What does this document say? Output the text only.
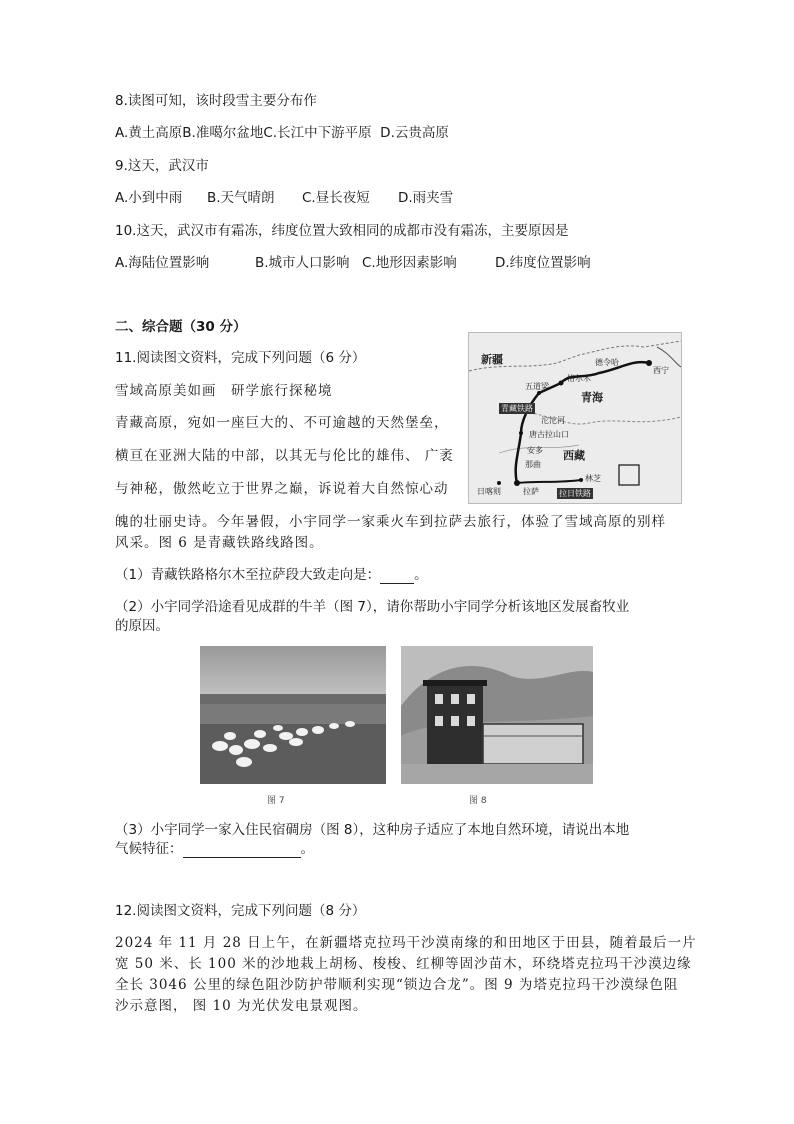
8.读图可知，该时段雪主要分布作
A.黄土高原B.准噶尔盆地C.长江中下游平原 D.云贵高原
9.这天，武汉市
A.小到中雨 B.天气晴朗 C.昼长夜短 D.雨夹雪
10.这天，武汉市有霜冻，纬度位置大致相同的成都市没有霜冻，主要原因是
A.海陆位置影响	B.城市人口影响 C.地形因素影响	D.纬度位置影响
二、综合题（30 分）
11.阅读图文资料，完成下列问题（6 分）
雪域高原美如画　研学旅行探秘境
青藏高原，宛如一座巨大的、不可逾越的天然堡垒，
横亘在亚洲大陆的中部，以其无与伦比的雄伟、 广袤
与神秘，傲然屹立于世界之巅，诉说着大自然惊心动
魄的壮丽史诗。今年暑假，小宇同学一家乘火车到拉萨去旅行，体验了雪域高原的别样
风采。图 6 是青藏铁路线路图。
新疆
青海
西藏
青藏铁路
西宁
德令哈
格尔木
五道梁
沱沱河
唐古拉山口
安多
那曲
拉萨
日喀则
林芝
拉日铁路
（1）青藏铁路格尔木至拉萨段大致走向是：	。
（2）小宇同学沿途看见成群的牛羊（图 7），请你帮助小宇同学分析该地区发展畜牧业
的原因。
图 7	图 8
（3）小宇同学一家入住民宿碉房（图 8），这种房子适应了本地自然环境，请说出本地
气候特征：	。
12.阅读图文资料，完成下列问题（8 分）
2024 年 11 月 28 日上午，在新疆塔克拉玛干沙漠南缘的和田地区于田县，随着最后一片
宽 50 米、长 100 米的沙地栽上胡杨、梭梭、红柳等固沙苗木，环绕塔克拉玛干沙漠边缘
全长 3046 公里的绿色阻沙防护带顺利实现“锁边合龙”。图 9 为塔克拉玛干沙漠绿色阻
沙示意图， 图 10 为光伏发电景观图。
